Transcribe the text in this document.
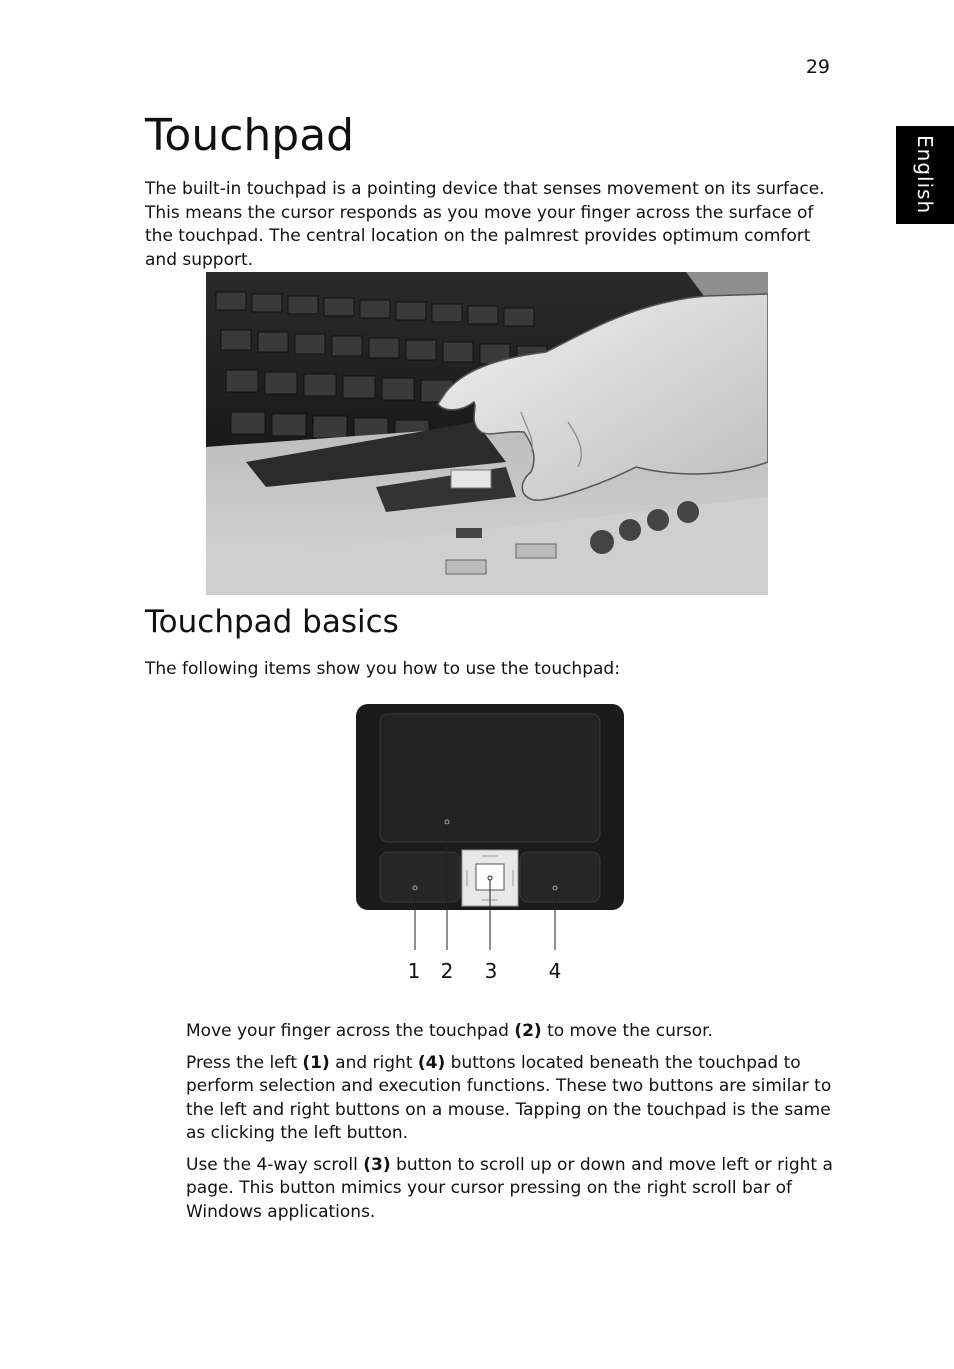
29
English
Touchpad

The built-in touchpad is a pointing device that senses movement on its surface. This means the cursor responds as you move your finger across the surface of the touchpad. The central location on the palmrest provides optimum comfort and support.

Touchpad basics

The following items show you how to use the touchpad:

1 2 3	4

Move your finger across the touchpad (2) to move the cursor.

Press the left (1) and right (4) buttons located beneath the touchpad to perform selection and execution functions. These two buttons are similar to the left and right buttons on a mouse. Tapping on the touchpad is the same as clicking the left button.

Use the 4-way scroll (3) button to scroll up or down and move left or right a page. This button mimics your cursor pressing on the right scroll bar of Windows applications.
